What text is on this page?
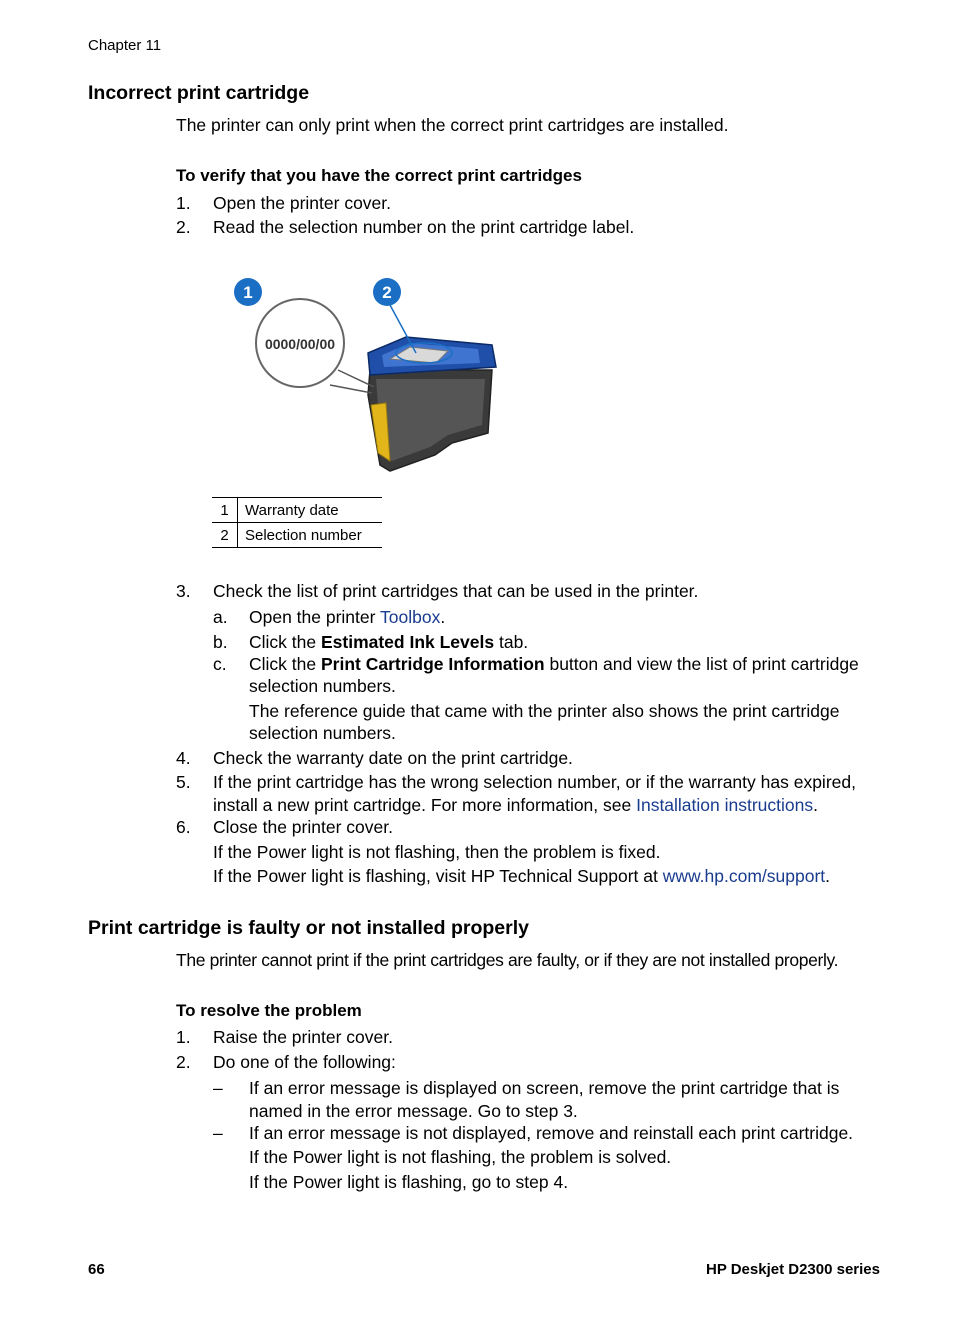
Chapter 11
Incorrect print cartridge
The printer can only print when the correct print cartridges are installed.
To verify that you have the correct print cartridges
1. Open the printer cover.
2. Read the selection number on the print cartridge label.
0000/00/00
1	2
1	Warranty date
2	Selection number
3. Check the list of print cartridges that can be used in the printer.
a. Open the printer Toolbox.
b. Click the Estimated Ink Levels tab.
c. Click the Print Cartridge Information button and view the list of print cartridge
selection numbers.
The reference guide that came with the printer also shows the print cartridge
selection numbers.
4. Check the warranty date on the print cartridge.
5. If the print cartridge has the wrong selection number, or if the warranty has expired,
install a new print cartridge. For more information, see Installation instructions.
6. Close the printer cover.
If the Power light is not flashing, then the problem is fixed.
If the Power light is flashing, visit HP Technical Support at www.hp.com/support.
Print cartridge is faulty or not installed properly
The printer cannot print if the print cartridges are faulty, or if they are not installed properly.
To resolve the problem
1. Raise the printer cover.
2. Do one of the following:
– If an error message is displayed on screen, remove the print cartridge that is
named in the error message. Go to step 3.
– If an error message is not displayed, remove and reinstall each print cartridge.
If the Power light is not flashing, the problem is solved.
If the Power light is flashing, go to step 4.
66	HP Deskjet D2300 series
